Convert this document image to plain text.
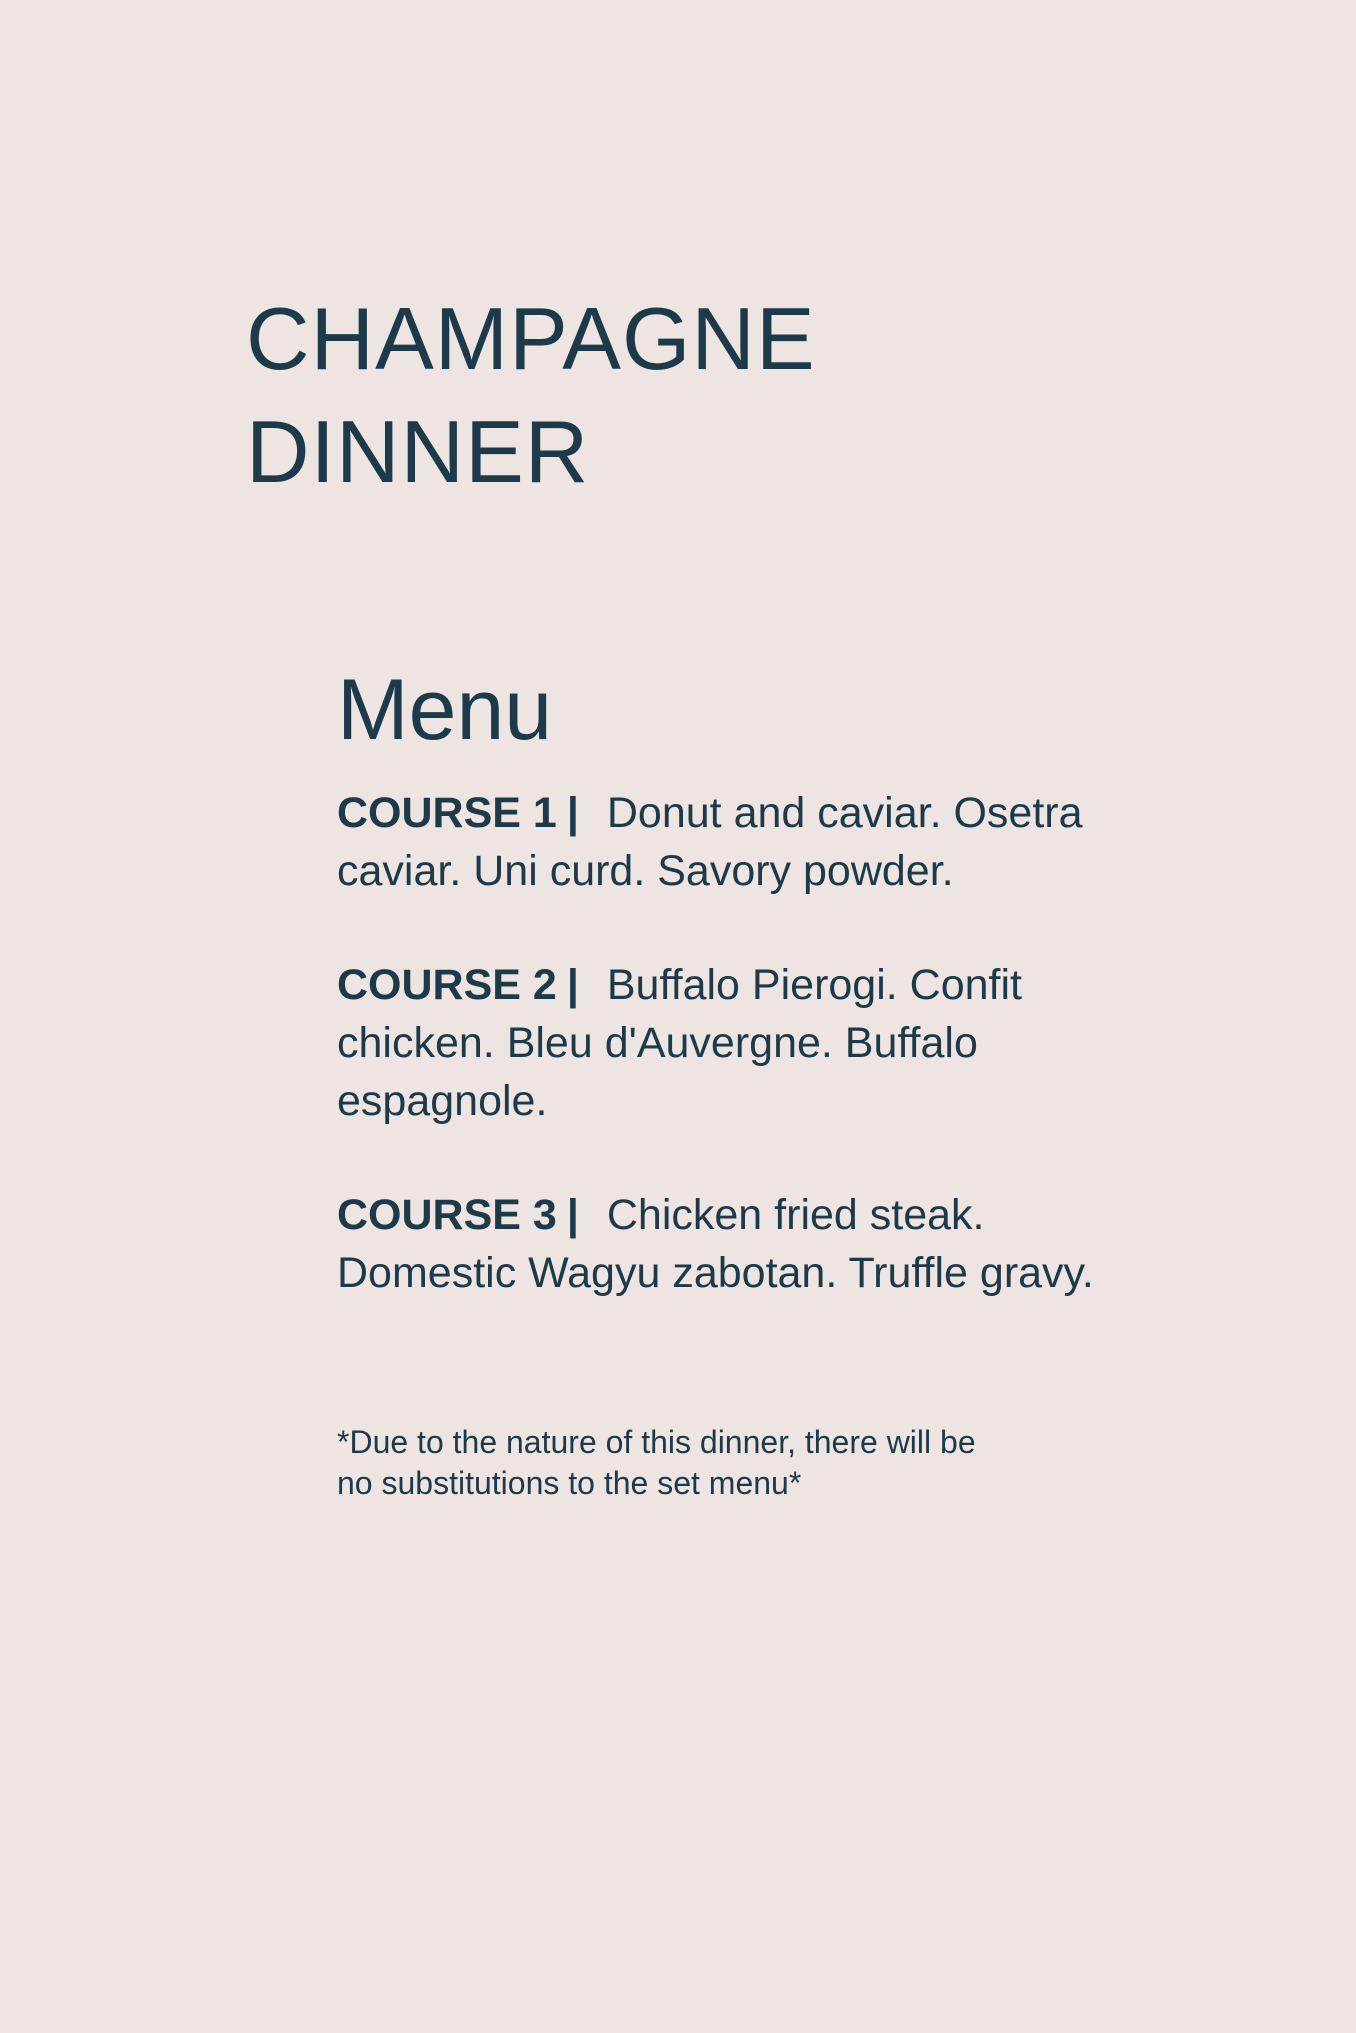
CHAMPAGNE
DINNER
Menu

COURSE 1 | Donut and caviar. Osetra caviar. Uni curd. Savory powder.

COURSE 2 | Buffalo Pierogi. Confit chicken. Bleu d'Auvergne. Buffalo espagnole.

COURSE 3 | Chicken fried steak. Domestic Wagyu zabotan. Truffle gravy.

*Due to the nature of this dinner, there will be no substitutions to the set menu*
